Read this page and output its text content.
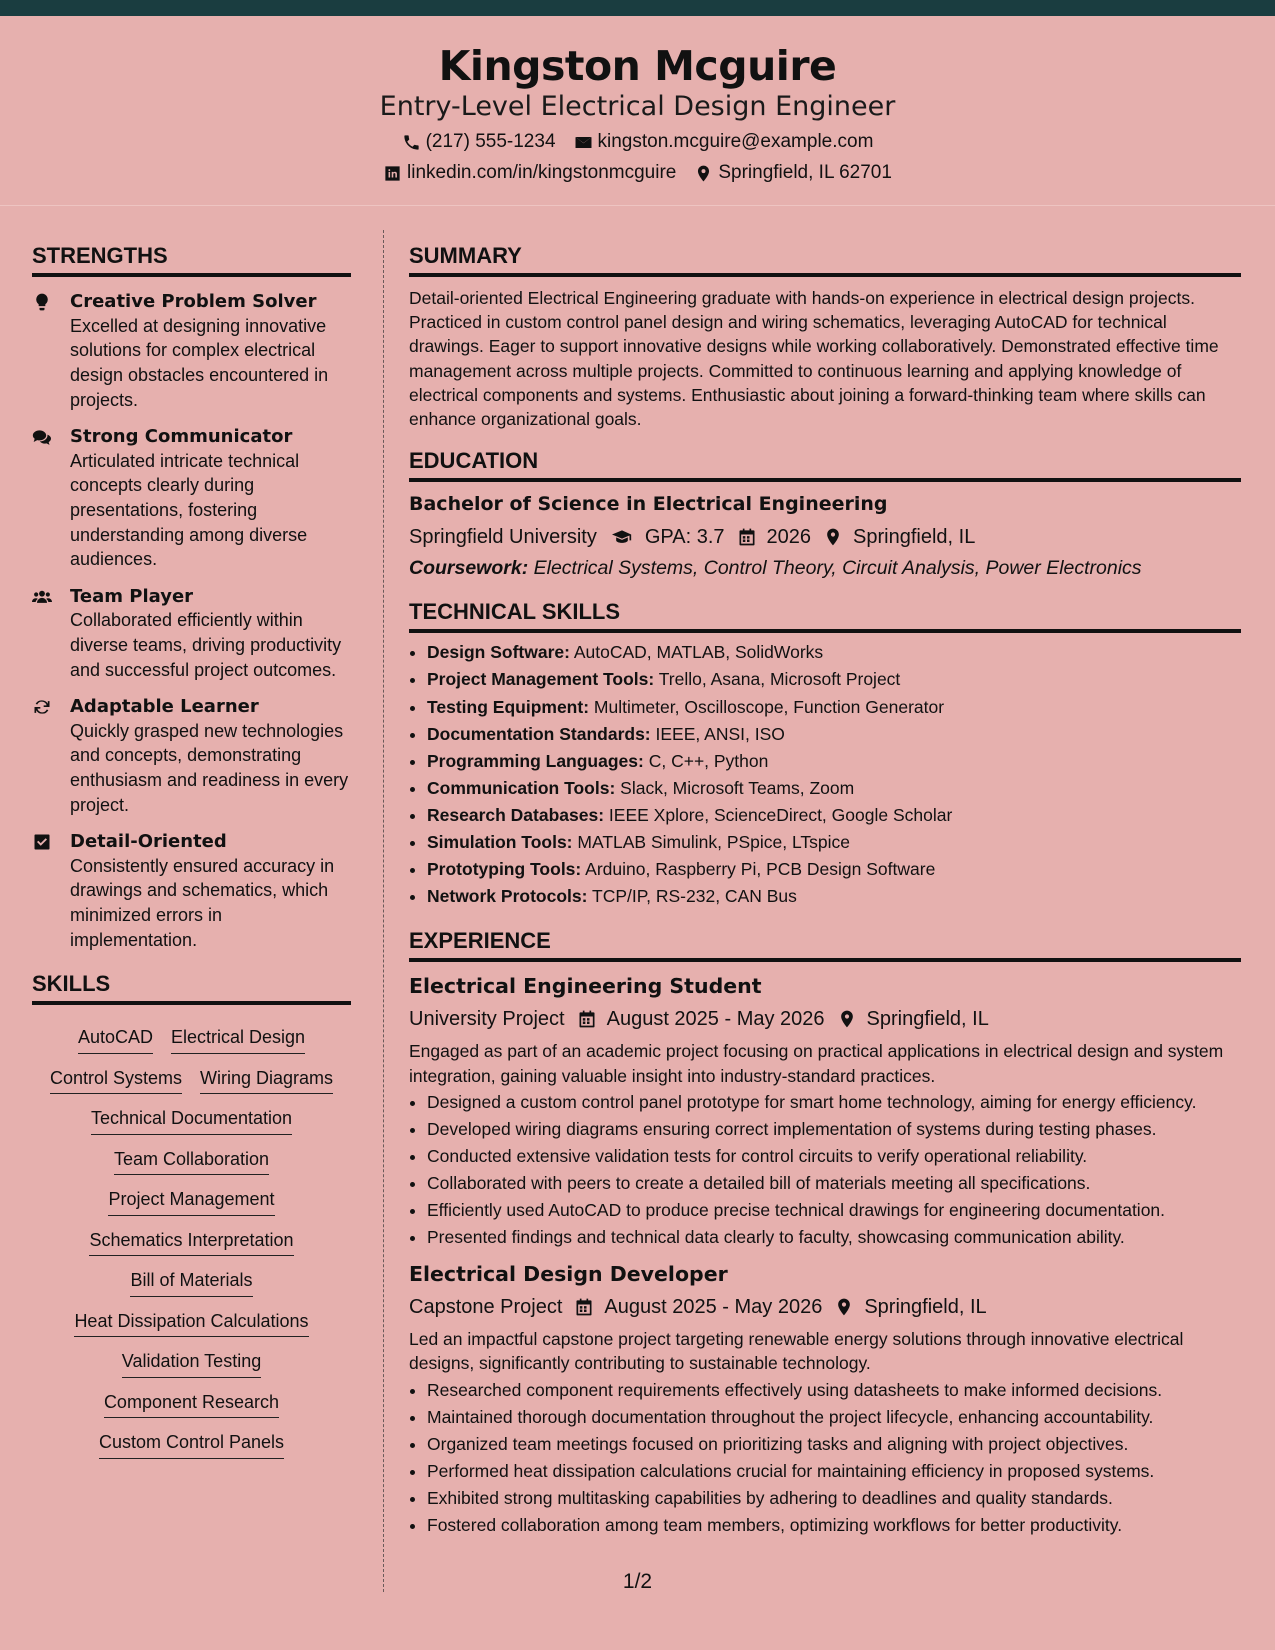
Kingston Mcguire
Entry-Level Electrical Design Engineer
(217) 555-1234 kingston.mcguire@example.com
linkedin.com/in/kingstonmcguire Springfield, IL 62701
STRENGTHS
Creative Problem Solver
Excelled at designing innovative solutions for complex electrical design obstacles encountered in projects.
Strong Communicator
Articulated intricate technical concepts clearly during presentations, fostering understanding among diverse audiences.
Team Player
Collaborated efficiently within diverse teams, driving productivity and successful project outcomes.
Adaptable Learner
Quickly grasped new technologies and concepts, demonstrating enthusiasm and readiness in every project.
Detail-Oriented
Consistently ensured accuracy in drawings and schematics, which minimized errors in implementation.
SKILLS
AutoCAD Electrical Design
Control Systems Wiring Diagrams
Technical Documentation
Team Collaboration
Project Management
Schematics Interpretation
Bill of Materials
Heat Dissipation Calculations
Validation Testing
Component Research
Custom Control Panels
SUMMARY
Detail-oriented Electrical Engineering graduate with hands-on experience in electrical design projects. Practiced in custom control panel design and wiring schematics, leveraging AutoCAD for technical drawings. Eager to support innovative designs while working collaboratively. Demonstrated effective time management across multiple projects. Committed to continuous learning and applying knowledge of electrical components and systems. Enthusiastic about joining a forward-thinking team where skills can enhance organizational goals.
EDUCATION
Bachelor of Science in Electrical Engineering
Springfield University GPA: 3.7 2026 Springfield, IL
Coursework: Electrical Systems, Control Theory, Circuit Analysis, Power Electronics
TECHNICAL SKILLS
• Design Software: AutoCAD, MATLAB, SolidWorks
• Project Management Tools: Trello, Asana, Microsoft Project
• Testing Equipment: Multimeter, Oscilloscope, Function Generator
• Documentation Standards: IEEE, ANSI, ISO
• Programming Languages: C, C++, Python
• Communication Tools: Slack, Microsoft Teams, Zoom
• Research Databases: IEEE Xplore, ScienceDirect, Google Scholar
• Simulation Tools: MATLAB Simulink, PSpice, LTspice
• Prototyping Tools: Arduino, Raspberry Pi, PCB Design Software
• Network Protocols: TCP/IP, RS-232, CAN Bus
EXPERIENCE
Electrical Engineering Student
University Project August 2025 - May 2026 Springfield, IL
Engaged as part of an academic project focusing on practical applications in electrical design and system integration, gaining valuable insight into industry-standard practices.
• Designed a custom control panel prototype for smart home technology, aiming for energy efficiency.
• Developed wiring diagrams ensuring correct implementation of systems during testing phases.
• Conducted extensive validation tests for control circuits to verify operational reliability.
• Collaborated with peers to create a detailed bill of materials meeting all specifications.
• Efficiently used AutoCAD to produce precise technical drawings for engineering documentation.
• Presented findings and technical data clearly to faculty, showcasing communication ability.
Electrical Design Developer
Capstone Project August 2025 - May 2026 Springfield, IL
Led an impactful capstone project targeting renewable energy solutions through innovative electrical designs, significantly contributing to sustainable technology.
• Researched component requirements effectively using datasheets to make informed decisions.
• Maintained thorough documentation throughout the project lifecycle, enhancing accountability.
• Organized team meetings focused on prioritizing tasks and aligning with project objectives.
• Performed heat dissipation calculations crucial for maintaining efficiency in proposed systems.
• Exhibited strong multitasking capabilities by adhering to deadlines and quality standards.
• Fostered collaboration among team members, optimizing workflows for better productivity.
1/2
